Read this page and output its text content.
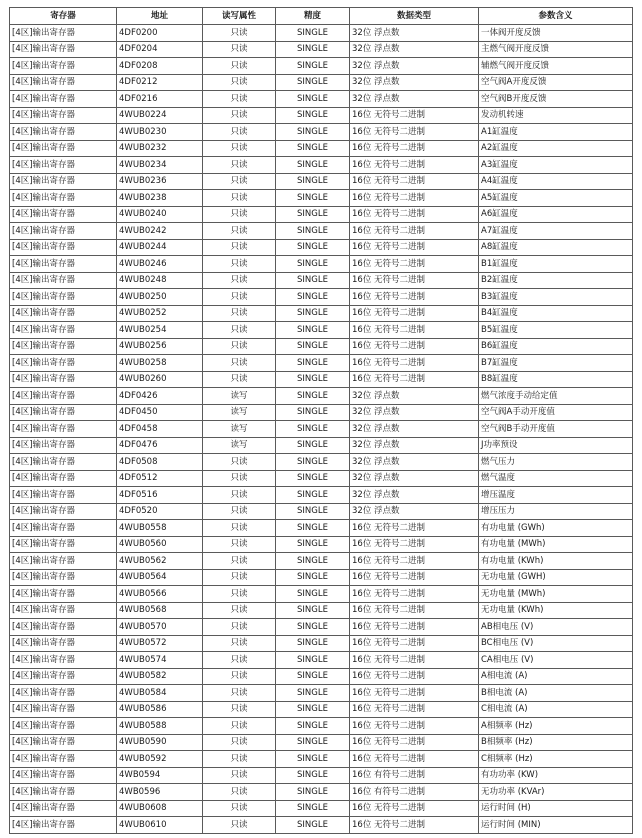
寄存器	地址	读写属性	精度	数据类型	参数含义
[4区]输出寄存器	4DF0200	只读	SINGLE	32位 浮点数	一体阀开度反馈
[4区]输出寄存器	4DF0204	只读	SINGLE	32位 浮点数	主燃气阀开度反馈
[4区]输出寄存器	4DF0208	只读	SINGLE	32位 浮点数	辅燃气阀开度反馈
[4区]输出寄存器	4DF0212	只读	SINGLE	32位 浮点数	空气阀A开度反馈
[4区]输出寄存器	4DF0216	只读	SINGLE	32位 浮点数	空气阀B开度反馈
[4区]输出寄存器	4WUB0224	只读	SINGLE	16位 无符号二进制	发动机转速
[4区]输出寄存器	4WUB0230	只读	SINGLE	16位 无符号二进制	A1缸温度
[4区]输出寄存器	4WUB0232	只读	SINGLE	16位 无符号二进制	A2缸温度
[4区]输出寄存器	4WUB0234	只读	SINGLE	16位 无符号二进制	A3缸温度
[4区]输出寄存器	4WUB0236	只读	SINGLE	16位 无符号二进制	A4缸温度
[4区]输出寄存器	4WUB0238	只读	SINGLE	16位 无符号二进制	A5缸温度
[4区]输出寄存器	4WUB0240	只读	SINGLE	16位 无符号二进制	A6缸温度
[4区]输出寄存器	4WUB0242	只读	SINGLE	16位 无符号二进制	A7缸温度
[4区]输出寄存器	4WUB0244	只读	SINGLE	16位 无符号二进制	A8缸温度
[4区]输出寄存器	4WUB0246	只读	SINGLE	16位 无符号二进制	B1缸温度
[4区]输出寄存器	4WUB0248	只读	SINGLE	16位 无符号二进制	B2缸温度
[4区]输出寄存器	4WUB0250	只读	SINGLE	16位 无符号二进制	B3缸温度
[4区]输出寄存器	4WUB0252	只读	SINGLE	16位 无符号二进制	B4缸温度
[4区]输出寄存器	4WUB0254	只读	SINGLE	16位 无符号二进制	B5缸温度
[4区]输出寄存器	4WUB0256	只读	SINGLE	16位 无符号二进制	B6缸温度
[4区]输出寄存器	4WUB0258	只读	SINGLE	16位 无符号二进制	B7缸温度
[4区]输出寄存器	4WUB0260	只读	SINGLE	16位 无符号二进制	B8缸温度
[4区]输出寄存器	4DF0426	读写	SINGLE	32位 浮点数	燃气浓度手动给定值
[4区]输出寄存器	4DF0450	读写	SINGLE	32位 浮点数	空气阀A手动开度值
[4区]输出寄存器	4DF0458	读写	SINGLE	32位 浮点数	空气阀B手动开度值
[4区]输出寄存器	4DF0476	读写	SINGLE	32位 浮点数	J功率预设
[4区]输出寄存器	4DF0508	只读	SINGLE	32位 浮点数	燃气压力
[4区]输出寄存器	4DF0512	只读	SINGLE	32位 浮点数	燃气温度
[4区]输出寄存器	4DF0516	只读	SINGLE	32位 浮点数	增压温度
[4区]输出寄存器	4DF0520	只读	SINGLE	32位 浮点数	增压压力
[4区]输出寄存器	4WUB0558	只读	SINGLE	16位 无符号二进制	有功电量 (GWh)
[4区]输出寄存器	4WUB0560	只读	SINGLE	16位 无符号二进制	有功电量 (MWh)
[4区]输出寄存器	4WUB0562	只读	SINGLE	16位 无符号二进制	有功电量 (KWh)
[4区]输出寄存器	4WUB0564	只读	SINGLE	16位 无符号二进制	无功电量 (GWH)
[4区]输出寄存器	4WUB0566	只读	SINGLE	16位 无符号二进制	无功电量 (MWh)
[4区]输出寄存器	4WUB0568	只读	SINGLE	16位 无符号二进制	无功电量 (KWh)
[4区]输出寄存器	4WUB0570	只读	SINGLE	16位 无符号二进制	AB相电压 (V)
[4区]输出寄存器	4WUB0572	只读	SINGLE	16位 无符号二进制	BC相电压 (V)
[4区]输出寄存器	4WUB0574	只读	SINGLE	16位 无符号二进制	CA相电压 (V)
[4区]输出寄存器	4WUB0582	只读	SINGLE	16位 无符号二进制	A相电流 (A)
[4区]输出寄存器	4WUB0584	只读	SINGLE	16位 无符号二进制	B相电流 (A)
[4区]输出寄存器	4WUB0586	只读	SINGLE	16位 无符号二进制	C相电流 (A)
[4区]输出寄存器	4WUB0588	只读	SINGLE	16位 无符号二进制	A相频率 (Hz)
[4区]输出寄存器	4WUB0590	只读	SINGLE	16位 无符号二进制	B相频率 (Hz)
[4区]输出寄存器	4WUB0592	只读	SINGLE	16位 无符号二进制	C相频率 (Hz)
[4区]输出寄存器	4WB0594	只读	SINGLE	16位 有符号二进制	有功功率 (KW)
[4区]输出寄存器	4WB0596	只读	SINGLE	16位 有符号二进制	无功功率 (KVAr)
[4区]输出寄存器	4WUB0608	只读	SINGLE	16位 无符号二进制	运行时间 (H)
[4区]输出寄存器	4WUB0610	只读	SINGLE	16位 无符号二进制	运行时间 (MIN)
